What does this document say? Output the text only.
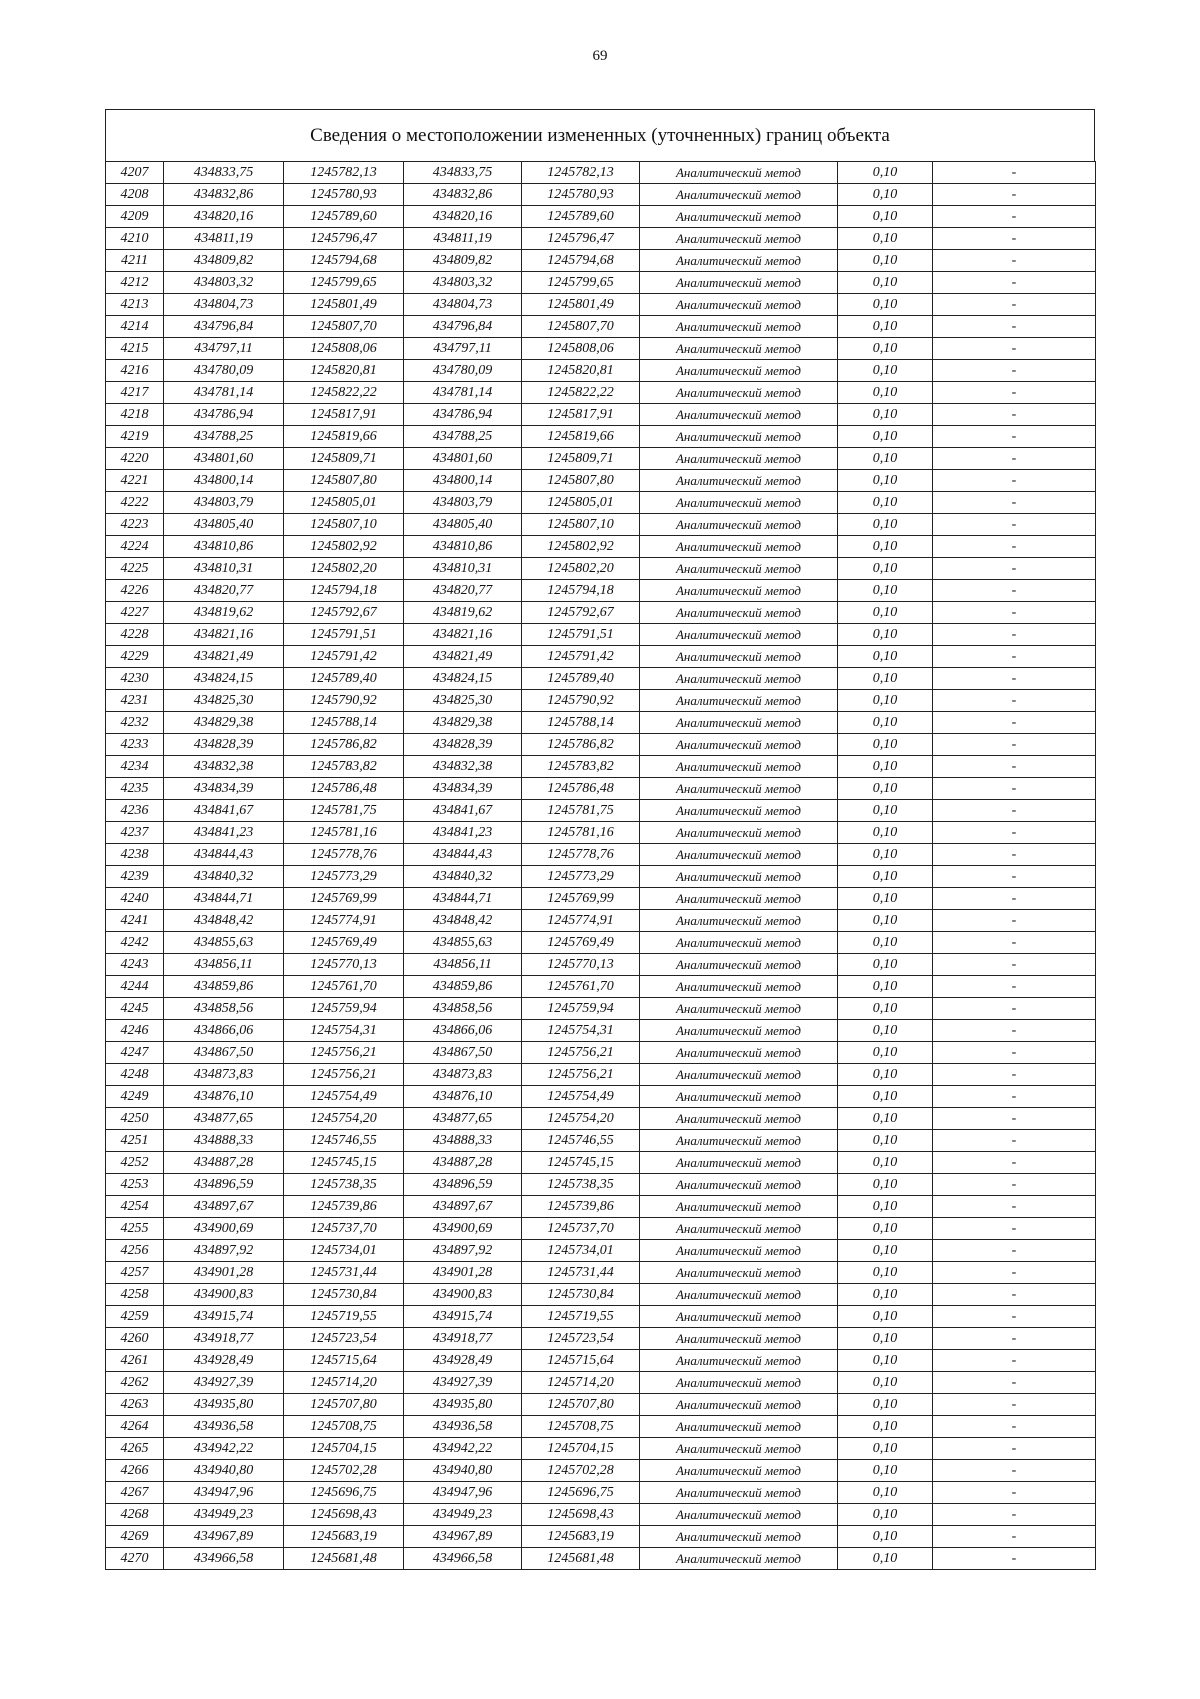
69
Сведения о местоположении измененных (уточненных) границ объекта
4207	434833,75	1245782,13	434833,75	1245782,13	Аналитический метод	0,10	-
4208	434832,86	1245780,93	434832,86	1245780,93	Аналитический метод	0,10	-
4209	434820,16	1245789,60	434820,16	1245789,60	Аналитический метод	0,10	-
4210	434811,19	1245796,47	434811,19	1245796,47	Аналитический метод	0,10	-
4211	434809,82	1245794,68	434809,82	1245794,68	Аналитический метод	0,10	-
4212	434803,32	1245799,65	434803,32	1245799,65	Аналитический метод	0,10	-
4213	434804,73	1245801,49	434804,73	1245801,49	Аналитический метод	0,10	-
4214	434796,84	1245807,70	434796,84	1245807,70	Аналитический метод	0,10	-
4215	434797,11	1245808,06	434797,11	1245808,06	Аналитический метод	0,10	-
4216	434780,09	1245820,81	434780,09	1245820,81	Аналитический метод	0,10	-
4217	434781,14	1245822,22	434781,14	1245822,22	Аналитический метод	0,10	-
4218	434786,94	1245817,91	434786,94	1245817,91	Аналитический метод	0,10	-
4219	434788,25	1245819,66	434788,25	1245819,66	Аналитический метод	0,10	-
4220	434801,60	1245809,71	434801,60	1245809,71	Аналитический метод	0,10	-
4221	434800,14	1245807,80	434800,14	1245807,80	Аналитический метод	0,10	-
4222	434803,79	1245805,01	434803,79	1245805,01	Аналитический метод	0,10	-
4223	434805,40	1245807,10	434805,40	1245807,10	Аналитический метод	0,10	-
4224	434810,86	1245802,92	434810,86	1245802,92	Аналитический метод	0,10	-
4225	434810,31	1245802,20	434810,31	1245802,20	Аналитический метод	0,10	-
4226	434820,77	1245794,18	434820,77	1245794,18	Аналитический метод	0,10	-
4227	434819,62	1245792,67	434819,62	1245792,67	Аналитический метод	0,10	-
4228	434821,16	1245791,51	434821,16	1245791,51	Аналитический метод	0,10	-
4229	434821,49	1245791,42	434821,49	1245791,42	Аналитический метод	0,10	-
4230	434824,15	1245789,40	434824,15	1245789,40	Аналитический метод	0,10	-
4231	434825,30	1245790,92	434825,30	1245790,92	Аналитический метод	0,10	-
4232	434829,38	1245788,14	434829,38	1245788,14	Аналитический метод	0,10	-
4233	434828,39	1245786,82	434828,39	1245786,82	Аналитический метод	0,10	-
4234	434832,38	1245783,82	434832,38	1245783,82	Аналитический метод	0,10	-
4235	434834,39	1245786,48	434834,39	1245786,48	Аналитический метод	0,10	-
4236	434841,67	1245781,75	434841,67	1245781,75	Аналитический метод	0,10	-
4237	434841,23	1245781,16	434841,23	1245781,16	Аналитический метод	0,10	-
4238	434844,43	1245778,76	434844,43	1245778,76	Аналитический метод	0,10	-
4239	434840,32	1245773,29	434840,32	1245773,29	Аналитический метод	0,10	-
4240	434844,71	1245769,99	434844,71	1245769,99	Аналитический метод	0,10	-
4241	434848,42	1245774,91	434848,42	1245774,91	Аналитический метод	0,10	-
4242	434855,63	1245769,49	434855,63	1245769,49	Аналитический метод	0,10	-
4243	434856,11	1245770,13	434856,11	1245770,13	Аналитический метод	0,10	-
4244	434859,86	1245761,70	434859,86	1245761,70	Аналитический метод	0,10	-
4245	434858,56	1245759,94	434858,56	1245759,94	Аналитический метод	0,10	-
4246	434866,06	1245754,31	434866,06	1245754,31	Аналитический метод	0,10	-
4247	434867,50	1245756,21	434867,50	1245756,21	Аналитический метод	0,10	-
4248	434873,83	1245756,21	434873,83	1245756,21	Аналитический метод	0,10	-
4249	434876,10	1245754,49	434876,10	1245754,49	Аналитический метод	0,10	-
4250	434877,65	1245754,20	434877,65	1245754,20	Аналитический метод	0,10	-
4251	434888,33	1245746,55	434888,33	1245746,55	Аналитический метод	0,10	-
4252	434887,28	1245745,15	434887,28	1245745,15	Аналитический метод	0,10	-
4253	434896,59	1245738,35	434896,59	1245738,35	Аналитический метод	0,10	-
4254	434897,67	1245739,86	434897,67	1245739,86	Аналитический метод	0,10	-
4255	434900,69	1245737,70	434900,69	1245737,70	Аналитический метод	0,10	-
4256	434897,92	1245734,01	434897,92	1245734,01	Аналитический метод	0,10	-
4257	434901,28	1245731,44	434901,28	1245731,44	Аналитический метод	0,10	-
4258	434900,83	1245730,84	434900,83	1245730,84	Аналитический метод	0,10	-
4259	434915,74	1245719,55	434915,74	1245719,55	Аналитический метод	0,10	-
4260	434918,77	1245723,54	434918,77	1245723,54	Аналитический метод	0,10	-
4261	434928,49	1245715,64	434928,49	1245715,64	Аналитический метод	0,10	-
4262	434927,39	1245714,20	434927,39	1245714,20	Аналитический метод	0,10	-
4263	434935,80	1245707,80	434935,80	1245707,80	Аналитический метод	0,10	-
4264	434936,58	1245708,75	434936,58	1245708,75	Аналитический метод	0,10	-
4265	434942,22	1245704,15	434942,22	1245704,15	Аналитический метод	0,10	-
4266	434940,80	1245702,28	434940,80	1245702,28	Аналитический метод	0,10	-
4267	434947,96	1245696,75	434947,96	1245696,75	Аналитический метод	0,10	-
4268	434949,23	1245698,43	434949,23	1245698,43	Аналитический метод	0,10	-
4269	434967,89	1245683,19	434967,89	1245683,19	Аналитический метод	0,10	-
4270	434966,58	1245681,48	434966,58	1245681,48	Аналитический метод	0,10	-
